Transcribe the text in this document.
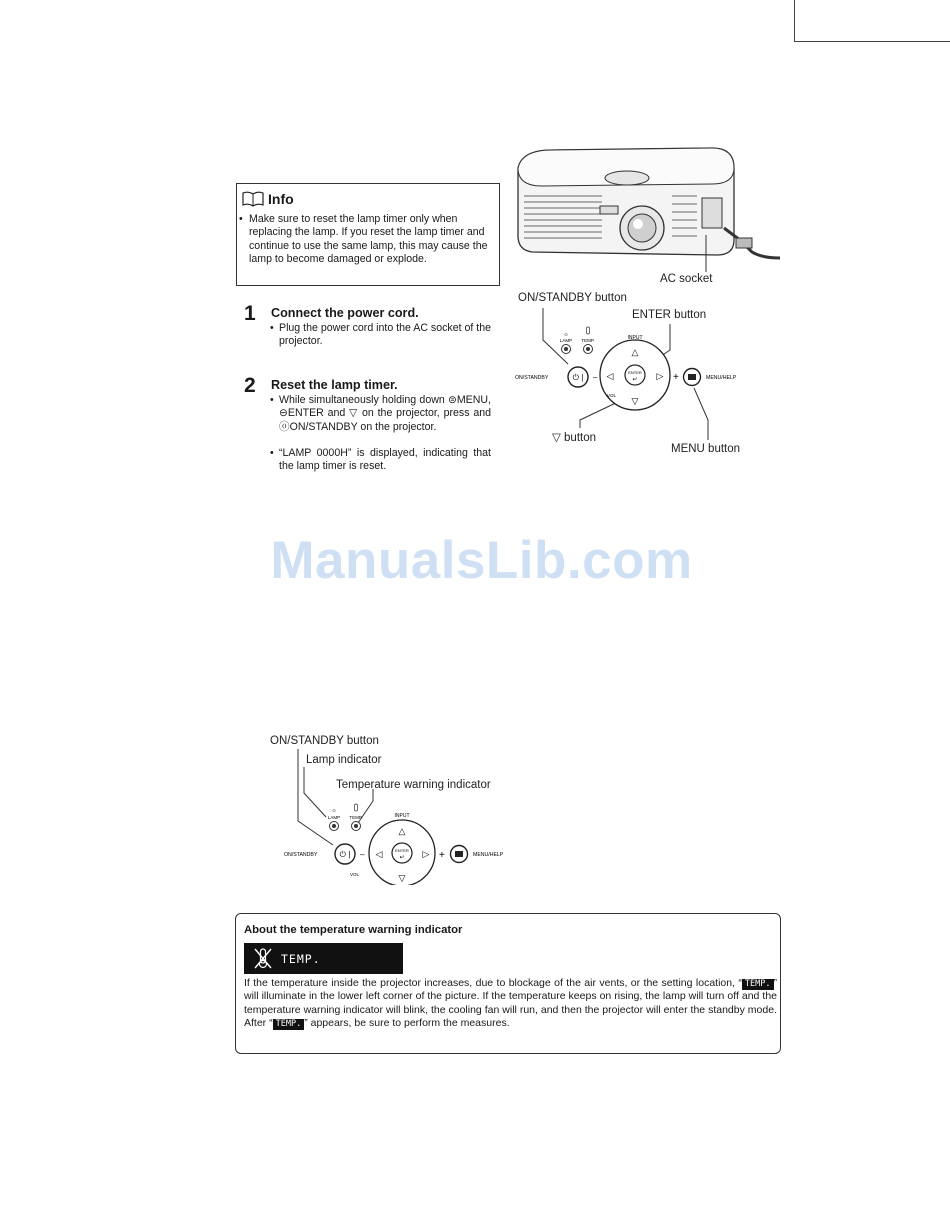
Info
• Make sure to reset the lamp timer only when replacing the lamp. If you reset the lamp timer and continue to use the same lamp, this may cause the lamp to become damaged or explode.
1 Connect the power cord.
• Plug the power cord into the AC socket of the projector.
2 Reset the lamp timer.
• While simultaneously holding down ⊜MENU, ⊖ENTER and ▽ on the projector, press and ⓞON/STANDBY on the projector.
• “LAMP 0000H” is displayed, indicating that the lamp timer is reset.
AC socket
ON/STANDBY button
ENTER button
▽ button
MENU button
☼
LAMP TEMP.
⏻ |
ON/STANDBY	–
INPUT
△
▽
◁	▷
ENTER
↵
VOL
+	MENU/HELP
ManualsLib.com
ON/STANDBY button
Lamp indicator
Temperature warning indicator
☼
LAMP TEMP.
⏻ |
ON/STANDBY	–
INPUT
△
▽
◁	▷
ENTER
↵
VOL
+	MENU/HELP
About the temperature warning indicator
TEMP.
If the temperature inside the projector increases, due to blockage of the air vents, or the setting location, “ TEMP. ” will illuminate in the lower left corner of the picture. If the temperature keeps on rising, the lamp will turn off and the temperature warning indicator will blink, the cooling fan will run, and then the projector will enter the standby mode. After “ TEMP. ” appears, be sure to perform the measures.
